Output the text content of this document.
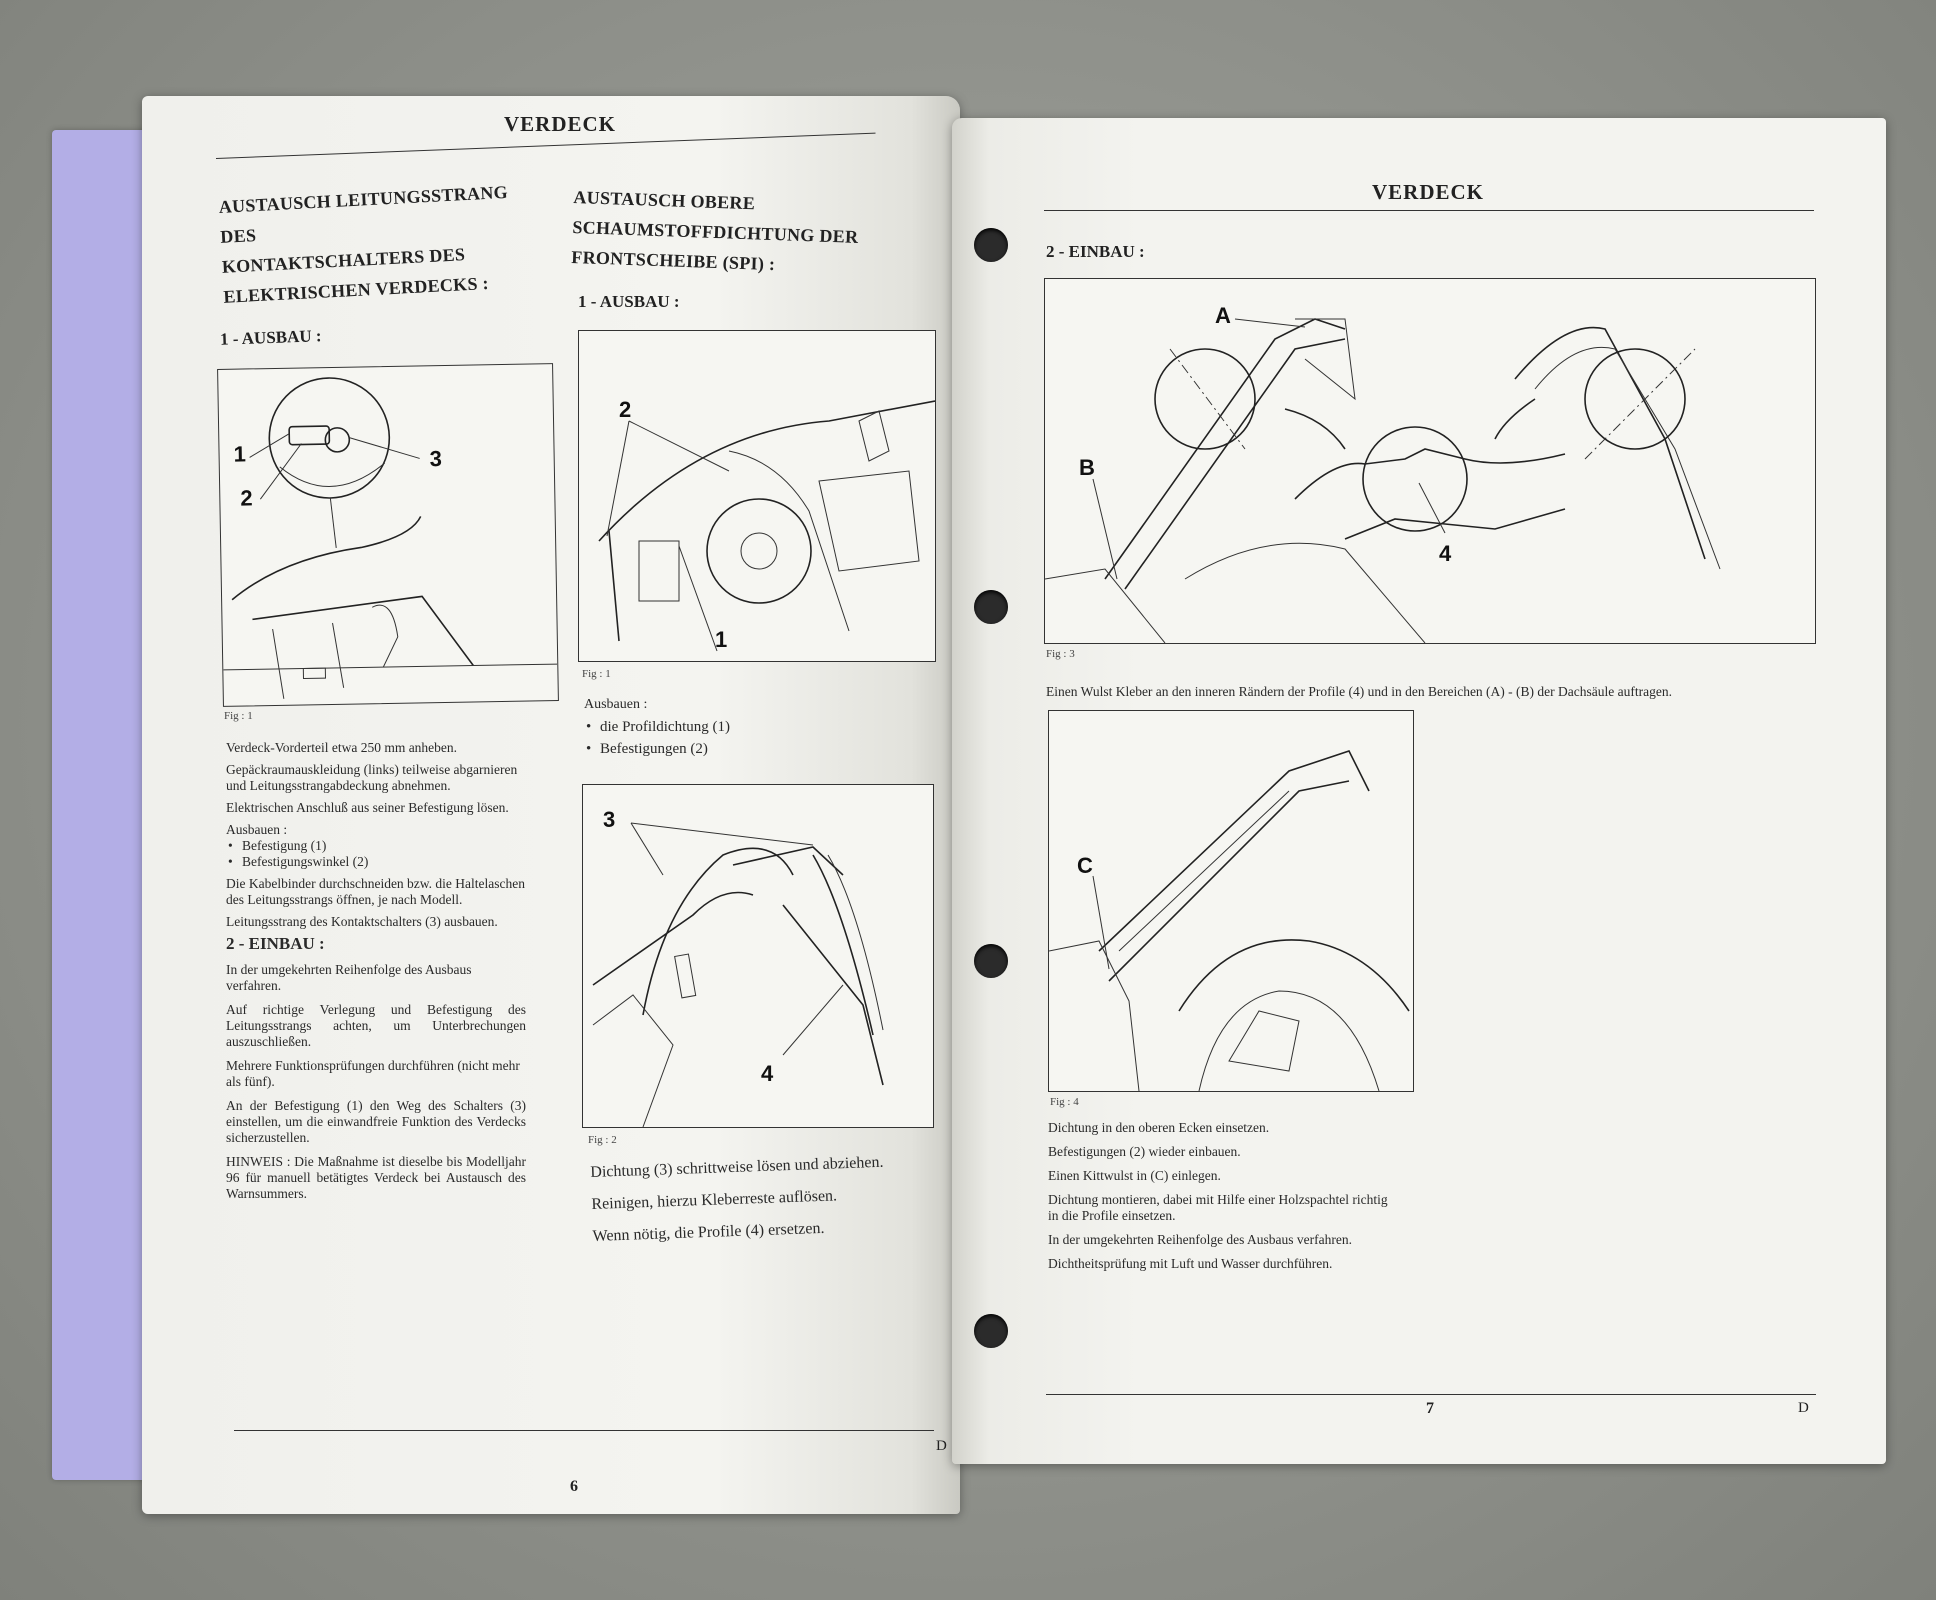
VERDECK
AUSTAUSCH LEITUNGSSTRANG DES
KONTAKTSCHALTERS DES
ELEKTRISCHEN VERDECKS :
1 - AUSBAU :
1
2
3
Fig : 1
Verdeck-Vorderteil etwa 250 mm anheben.
Gepäckraumauskleidung (links) teilweise abgarnieren und Leitungsstrangabdeckung abnehmen.
Elektrischen Anschluß aus seiner Befestigung lösen.
Ausbauen :
• Befestigung (1)
• Befestigungswinkel (2)
Die Kabelbinder durchschneiden bzw. die Haltelaschen des Leitungsstrangs öffnen, je nach Modell.
Leitungsstrang des Kontaktschalters (3) ausbauen.
2 - EINBAU :
In der umgekehrten Reihenfolge des Ausbaus verfahren.
Auf richtige Verlegung und Befestigung des Leitungsstrangs achten, um Unterbrechungen auszuschließen.
Mehrere Funktionsprüfungen durchführen (nicht mehr als fünf).
An der Befestigung (1) den Weg des Schalters (3) einstellen, um die einwandfreie Funktion des Verdecks sicherzustellen.
HINWEIS : Die Maßnahme ist dieselbe bis Modelljahr 96 für manuell betätigtes Verdeck bei Austausch des Warnsummers.
AUSTAUSCH OBERE
SCHAUMSTOFFDICHTUNG DER
FRONTSCHEIBE (SPI) :
1 - AUSBAU :
2
1
Fig : 1
Ausbauen :
• die Profildichtung (1)
• Befestigungen (2)
3
4
Fig : 2
Dichtung (3) schrittweise lösen und abziehen.
Reinigen, hierzu Kleberreste auflösen.
Wenn nötig, die Profile (4) ersetzen.
6
D
VERDECK
2 - EINBAU :
A
B
4
Fig : 3
Einen Wulst Kleber an den inneren Rändern der Profile (4) und in den Bereichen (A) - (B) der Dachsäule auftragen.
C
Fig : 4
Dichtung in den oberen Ecken einsetzen.
Befestigungen (2) wieder einbauen.
Einen Kittwulst in (C) einlegen.
Dichtung montieren, dabei mit Hilfe einer Holzspachtel richtig in die Profile einsetzen.
In der umgekehrten Reihenfolge des Ausbaus verfahren.
Dichtheitsprüfung mit Luft und Wasser durchführen.
7	D
